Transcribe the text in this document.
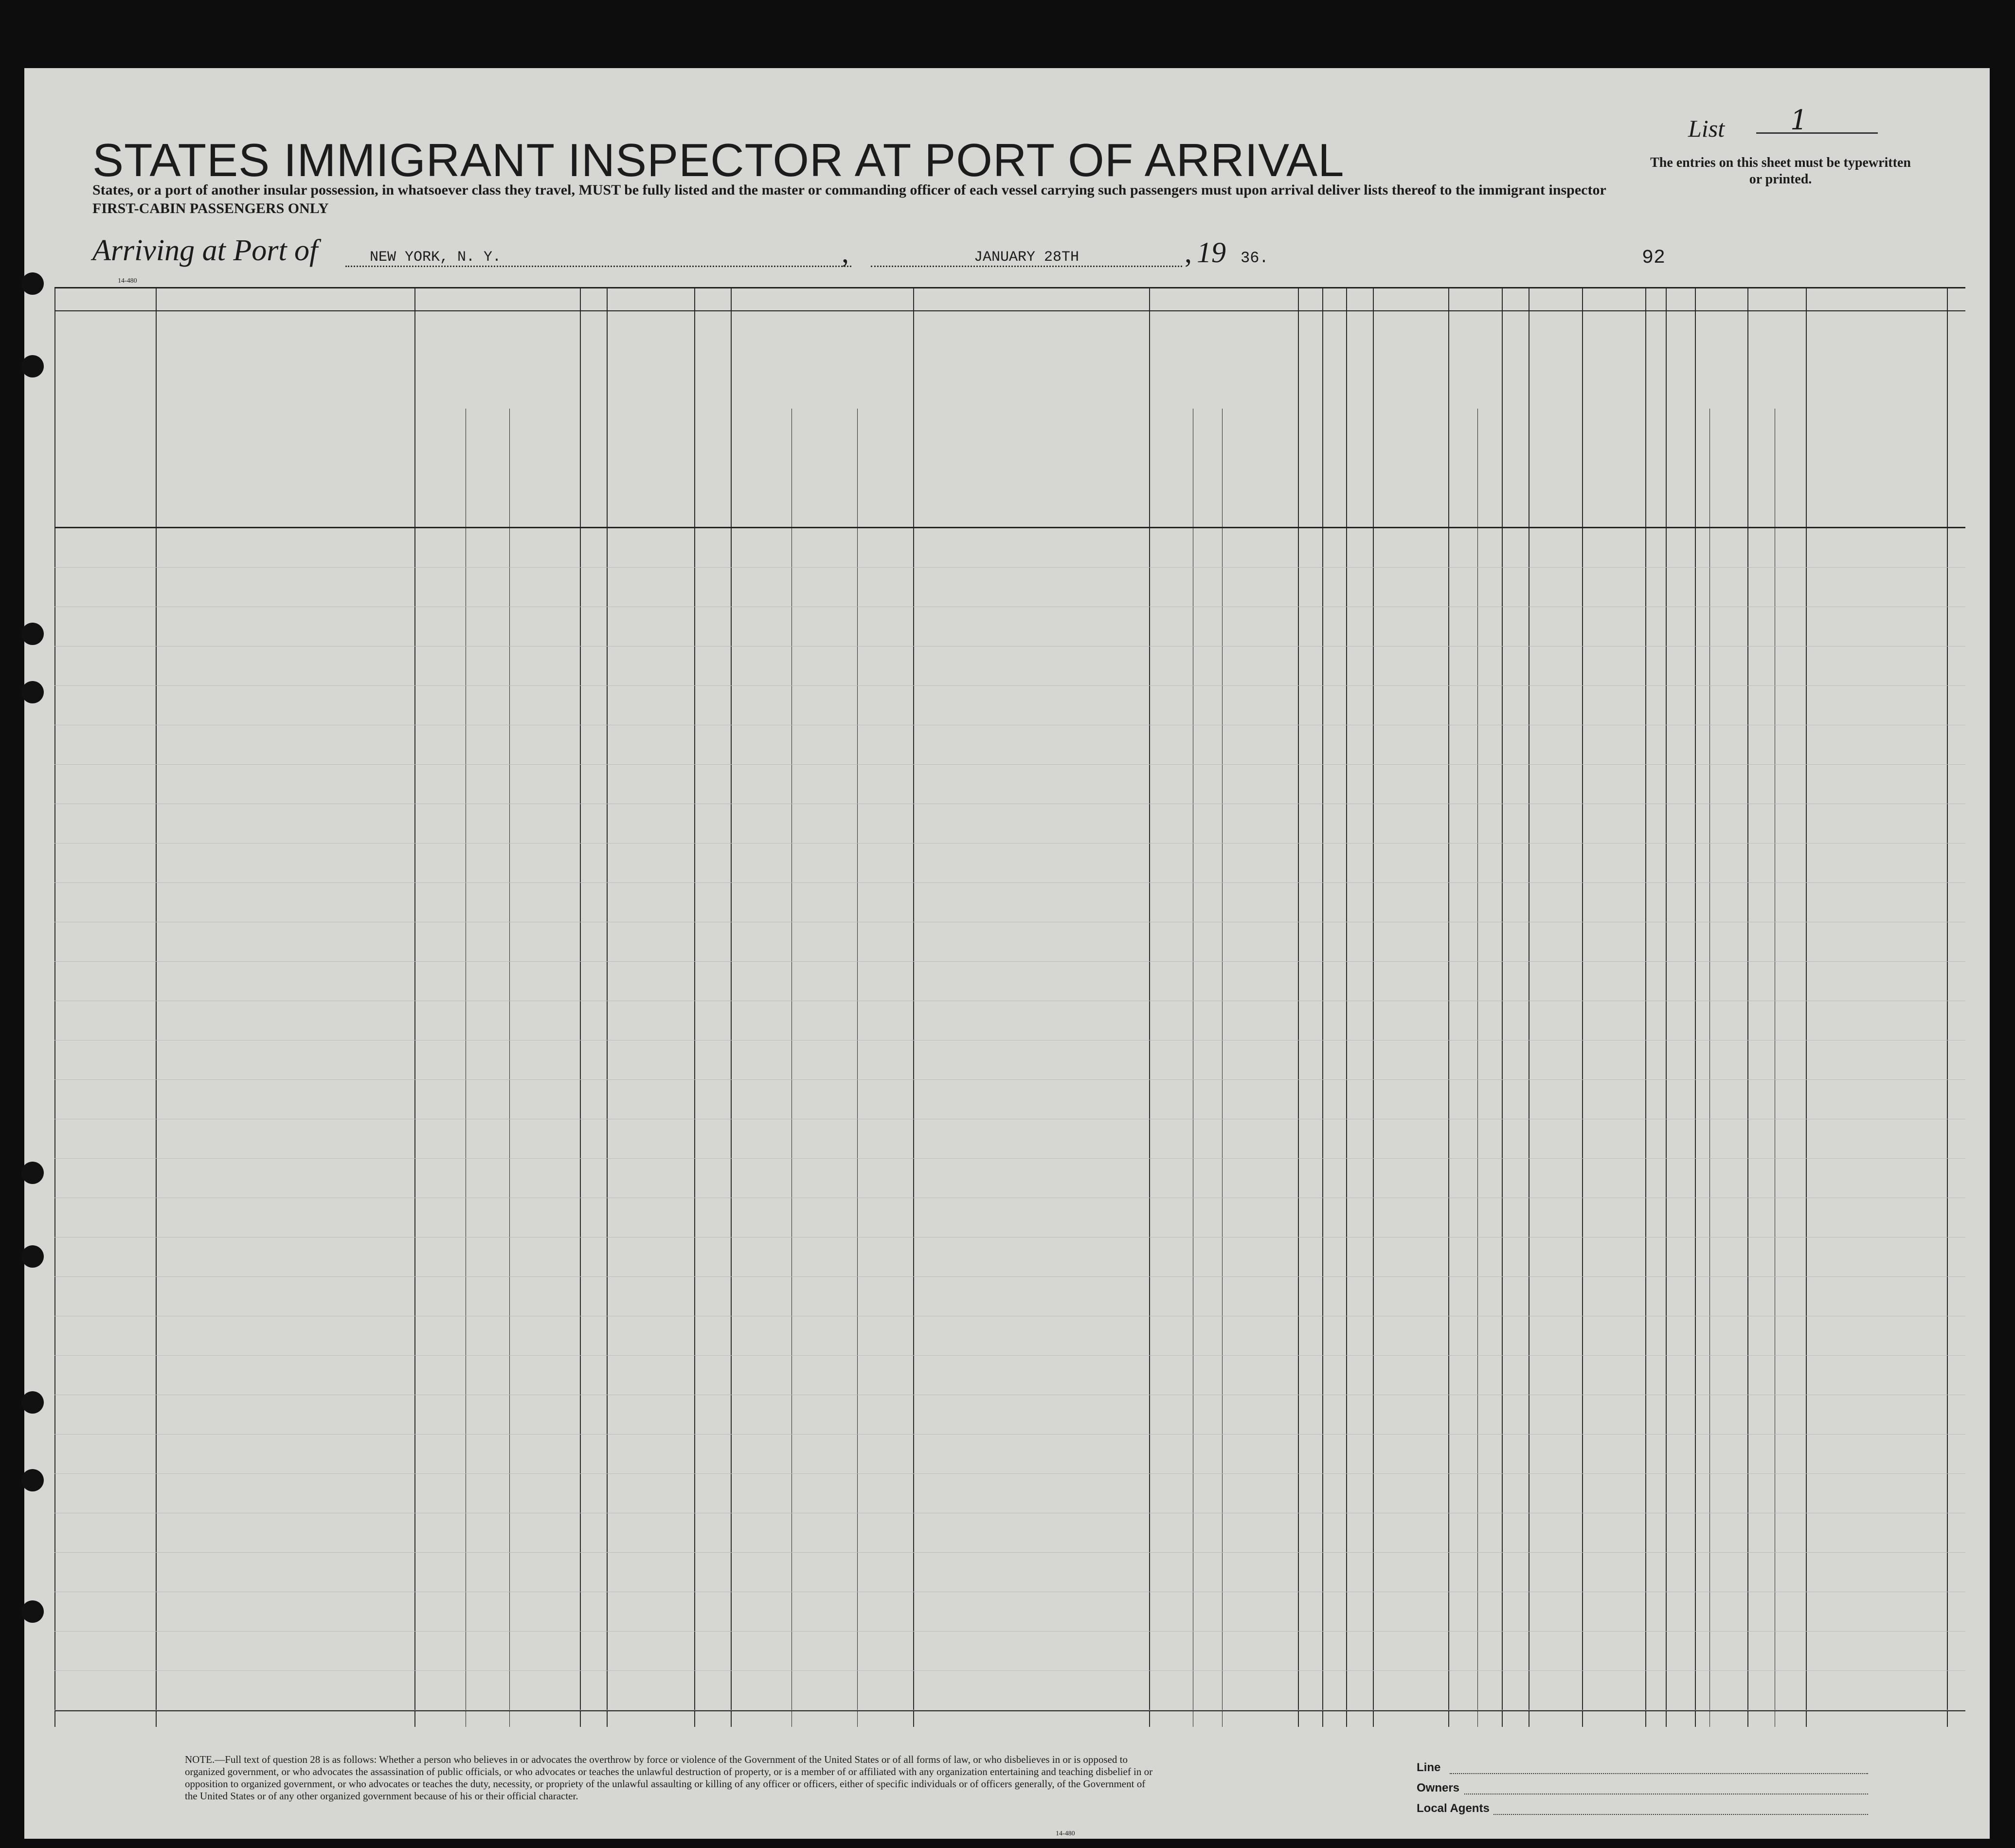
STATES IMMIGRANT INSPECTOR AT PORT OF ARRIVAL
States, or a port of another insular possession, in whatsoever class they travel, MUST be fully listed and the master or commanding officer of each vessel carrying such passengers must upon arrival deliver lists thereof to the immigrant inspector
FIRST-CABIN PASSENGERS ONLY
List	1
The entries on this sheet must be typewritten or printed.
Arriving at Port of	NEW YORK, N. Y.	,	JANUARY 28TH	, 19 36.	92
14-480
NOTE.—Full text of question 28 is as follows: Whether a person who believes in or advocates the overthrow by force or violence of the Government of the United States or of all forms of law, or who disbelieves in or is opposed to organized government, or who advocates the assassination of public officials, or who advocates or teaches the unlawful destruction of property, or is a member of or affiliated with any organization entertaining and teaching disbelief in or opposition to organized government, or who advocates or teaches the duty, necessity, or propriety of the unlawful assaulting or killing of any officer or officers, either of specific individuals or of officers generally, of the Government of the United States or of any other organized government because of his or their official character.
14-480
Line
Owners
Local Agents
